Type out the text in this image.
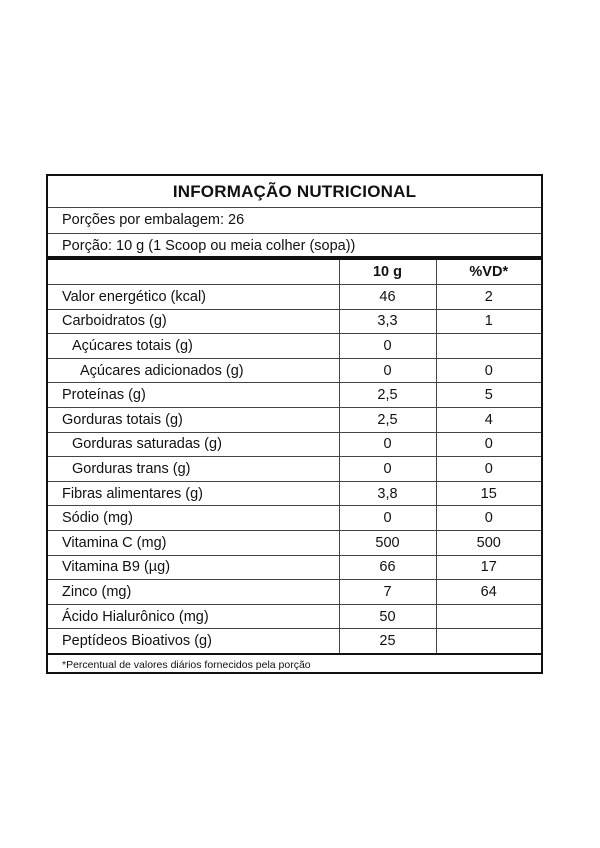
INFORMAÇÃO NUTRICIONAL
Porções por embalagem: 26
Porção: 10 g (1 Scoop ou meia colher (sopa))
	10 g	%VD*
Valor energético (kcal)	46	2
Carboidratos (g)	3,3	1
Açúcares totais (g)	0	
Açúcares adicionados (g)	0	0
Proteínas (g)	2,5	5
Gorduras totais (g)	2,5	4
Gorduras saturadas (g)	0	0
Gorduras trans (g)	0	0
Fibras alimentares (g)	3,8	15
Sódio (mg)	0	0
Vitamina C (mg)	500	500
Vitamina B9 (µg)	66	17
Zinco (mg)	7	64
Ácido Hialurônico (mg)	50	
Peptídeos Bioativos (g)	25	
*Percentual de valores diários fornecidos pela porção
